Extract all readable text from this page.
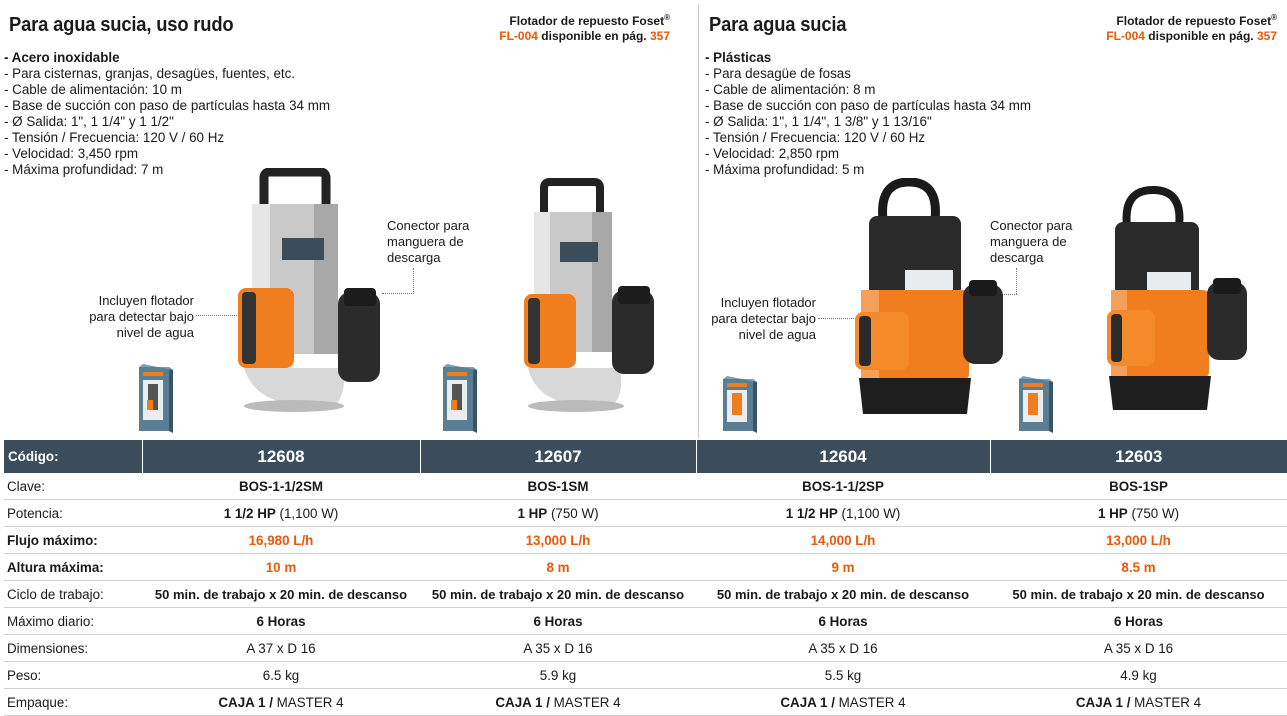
Para agua sucia, uso rudo	Flotador de repuesto Foset®
FL-004 disponible en pág. 357
- Acero inoxidable
- Para cisternas, granjas, desagües, fuentes, etc.
- Cable de alimentación: 10 m
- Base de succión con paso de partículas hasta 34 mm
- Ø Salida: 1", 1 1/4" y 1 1/2"
- Tensión / Frecuencia: 120 V / 60 Hz
- Velocidad: 3,450 rpm
- Máxima profundidad: 7 m
Incluyen flotador
para detectar bajo
nivel de agua
Conector para
manguera de
descarga
Para agua sucia	Flotador de repuesto Foset®
FL-004 disponible en pág. 357
- Plásticas
- Para desagüe de fosas
- Cable de alimentación: 8 m
- Base de succión con paso de partículas hasta 34 mm
- Ø Salida: 1", 1 1/4", 1 3/8" y 1 13/16"
- Tensión / Frecuencia: 120 V / 60 Hz
- Velocidad: 2,850 rpm
- Máxima profundidad: 5 m
Incluyen flotador
para detectar bajo
nivel de agua
Conector para
manguera de
descarga
Código:	12608	12607	12604	12603
Clave:	BOS-1-1/2SM	BOS-1SM	BOS-1-1/2SP	BOS-1SP
Potencia:	1 1/2 HP (1,100 W)	1 HP (750 W)	1 1/2 HP (1,100 W)	1 HP (750 W)
Flujo máximo:	16,980 L/h	13,000 L/h	14,000 L/h	13,000 L/h
Altura máxima:	10 m	8 m	9 m	8.5 m
Ciclo de trabajo:	50 min. de trabajo x 20 min. de descanso	50 min. de trabajo x 20 min. de descanso	50 min. de trabajo x 20 min. de descanso	50 min. de trabajo x 20 min. de descanso
Máximo diario:	6 Horas	6 Horas	6 Horas	6 Horas
Dimensiones:	A 37 x D 16	A 35 x D 16	A 35 x D 16	A 35 x D 16
Peso:	6.5 kg	5.9 kg	5.5 kg	4.9 kg
Empaque:	CAJA 1 / MASTER 4	CAJA 1 / MASTER 4	CAJA 1 / MASTER 4	CAJA 1 / MASTER 4
